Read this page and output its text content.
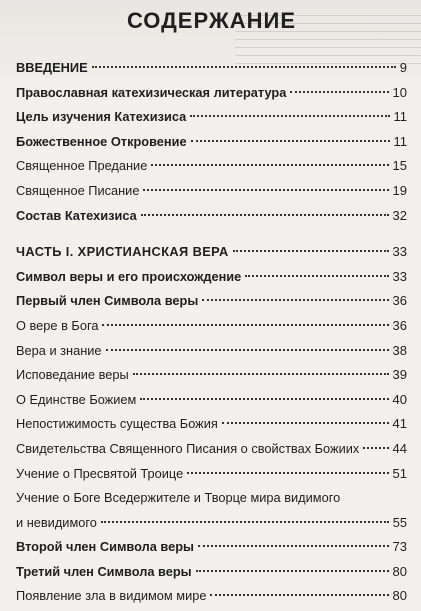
СОДЕРЖАНИЕ
ВВЕДЕНИЕ	9
Православная катехизическая литература	10
Цель изучения Катехизиса	11
Божественное Откровение	11
Священное Предание	15
Священное Писание	19
Состав Катехизиса	32
ЧАСТЬ I. ХРИСТИАНСКАЯ ВЕРА	33
Символ веры и его происхождение	33
Первый член Символа веры	36
О вере в Бога	36
Вера и знание	38
Исповедание веры	39
О Единстве Божием	40
Непостижимость существа Божия	41
Свидетельства Священного Писания о свойствах Божиих	44
Учение о Пресвятой Троице	51
Учение о Боге Вседержителе и Творце мира видимого
и невидимого	55
Второй член Символа веры	73
Третий член Символа веры	80
Появление зла в видимом мире	80
